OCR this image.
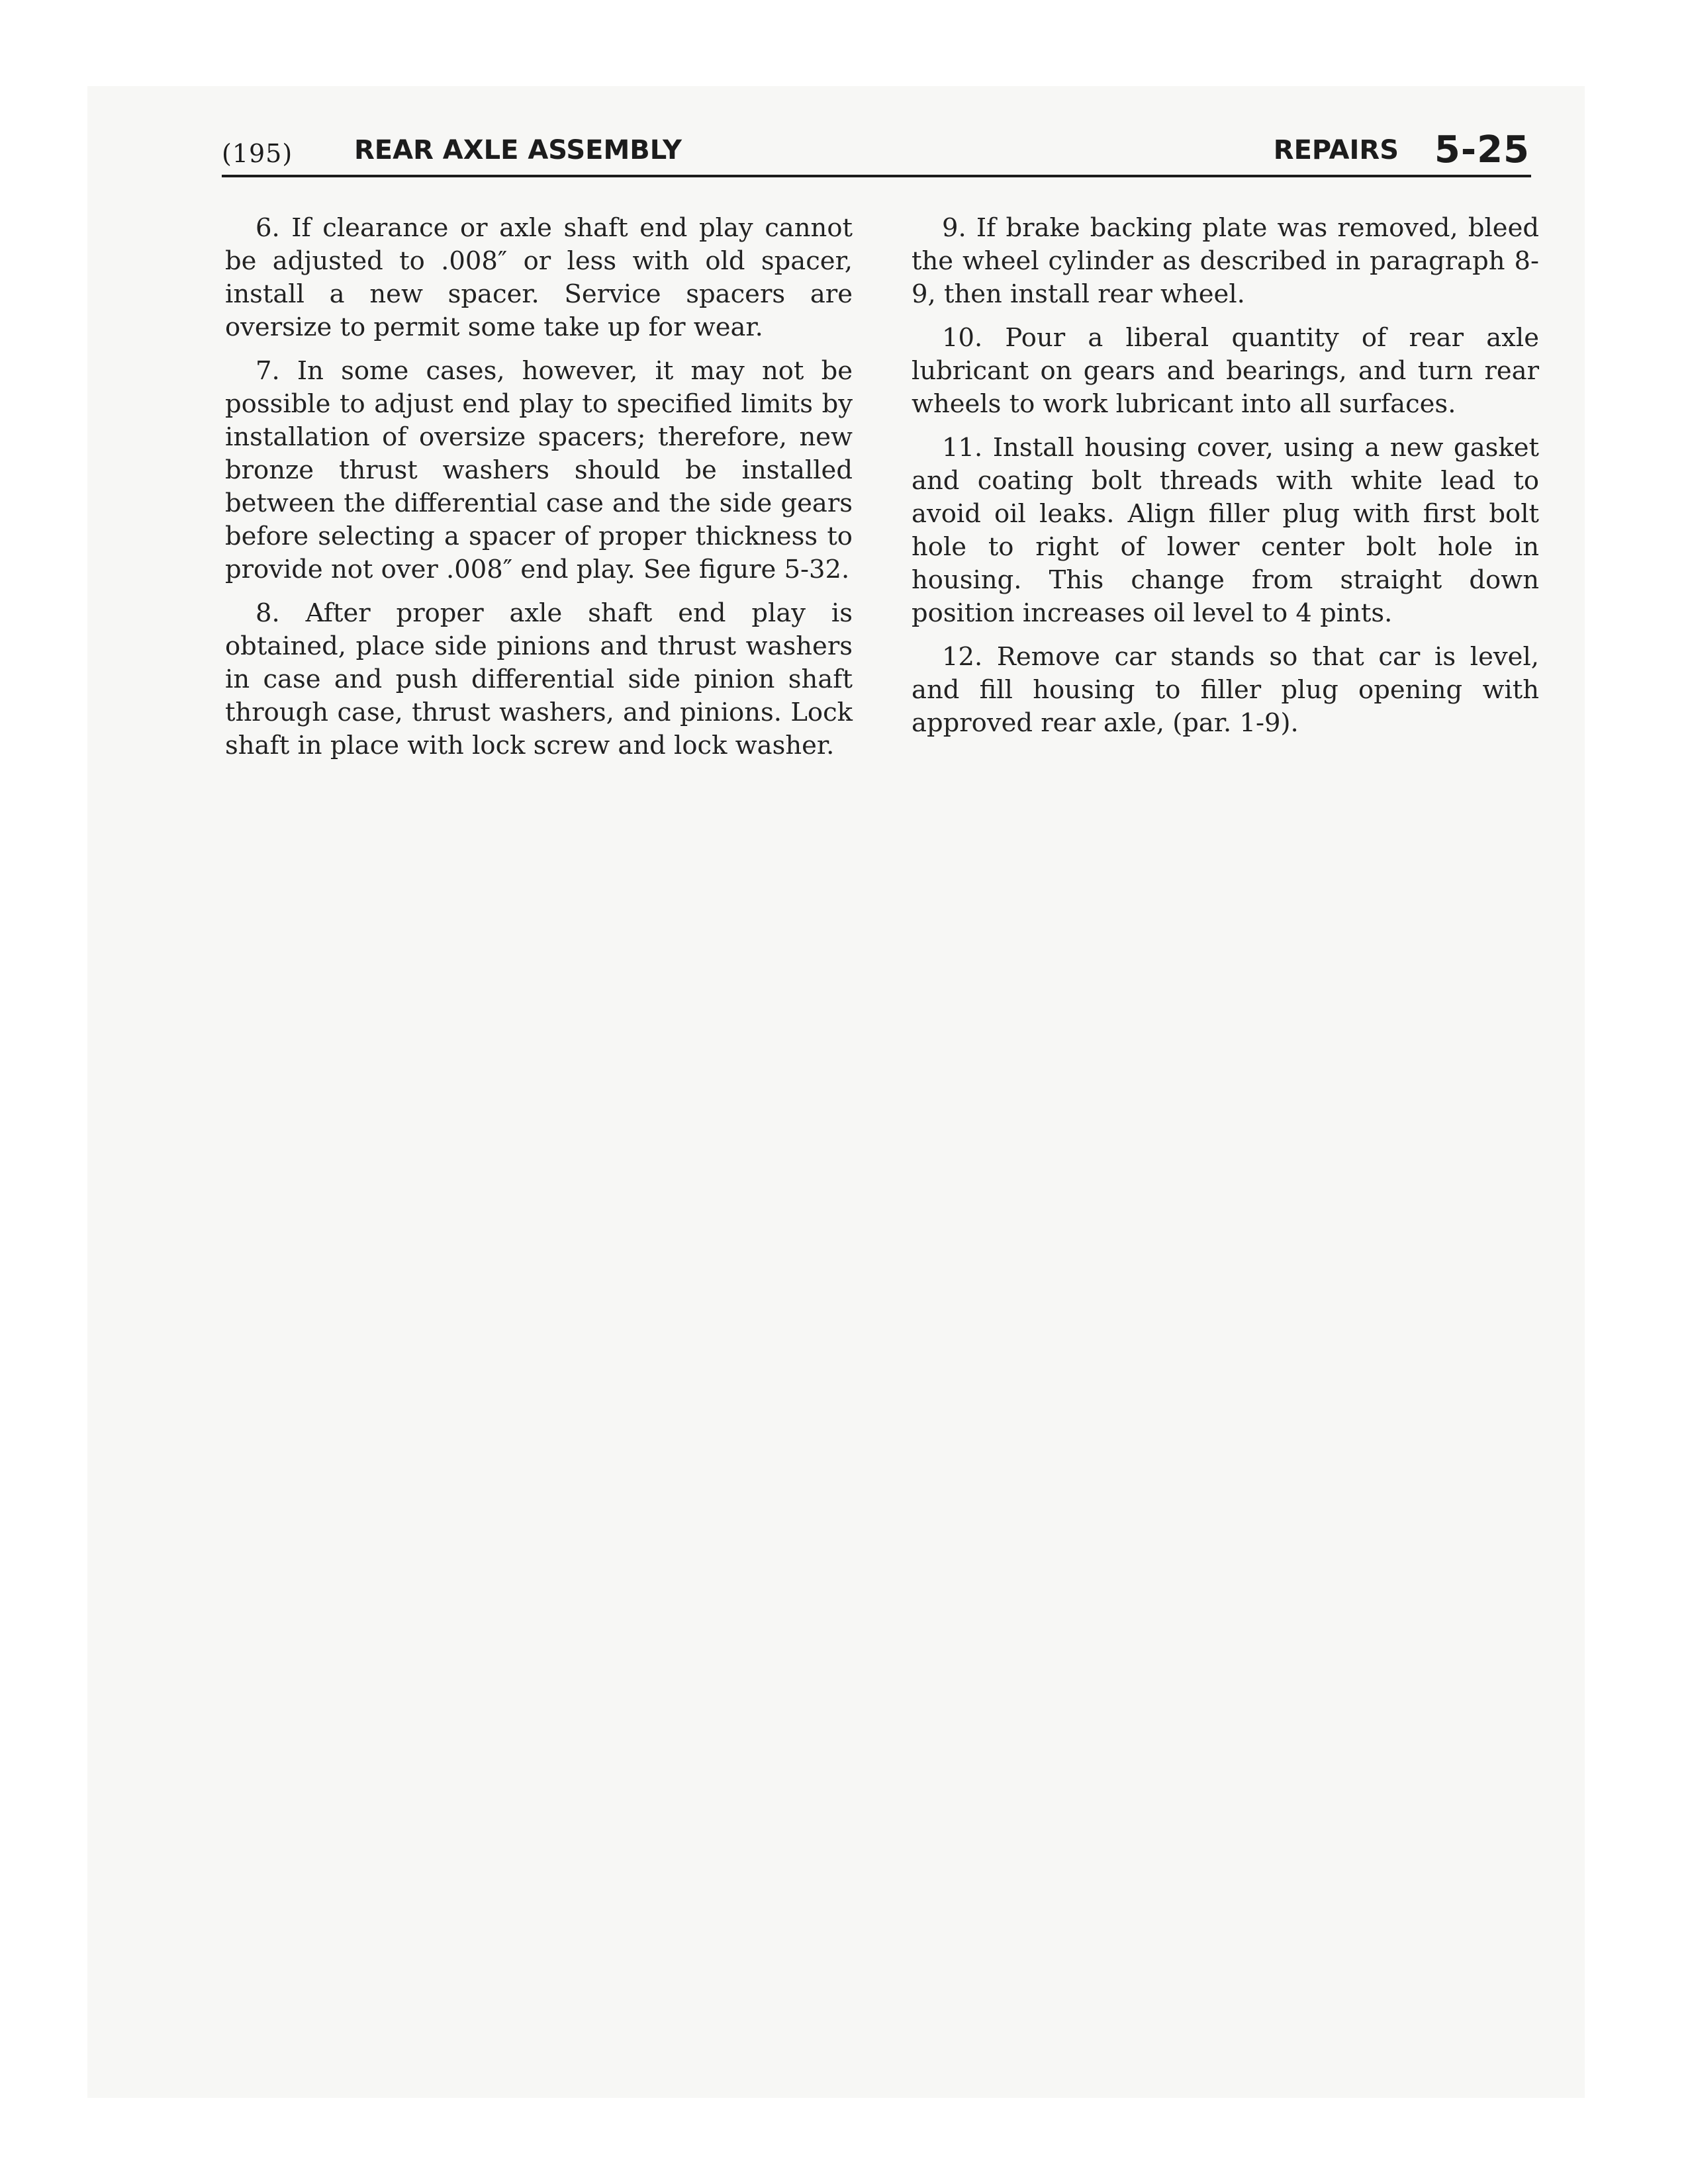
(195) REAR AXLE ASSEMBLY	REPAIRS 5-25

6. If clearance or axle shaft end play cannot be adjusted to .008″ or less with old spacer, install a new spacer. Service spacers are oversize to permit some take up for wear.

7. In some cases, however, it may not be possible to adjust end play to specified limits by installation of oversize spacers; therefore, new bronze thrust washers should be installed between the differential case and the side gears before selecting a spacer of proper thickness to provide not over .008″ end play. See figure 5-32.

8. After proper axle shaft end play is obtained, place side pinions and thrust washers in case and push differential side pinion shaft through case, thrust washers, and pinions. Lock shaft in place with lock screw and lock washer.

9. If brake backing plate was removed, bleed the wheel cylinder as described in paragraph 8-9, then install rear wheel.

10. Pour a liberal quantity of rear axle lubricant on gears and bearings, and turn rear wheels to work lubricant into all surfaces.

11. Install housing cover, using a new gasket and coating bolt threads with white lead to avoid oil leaks. Align filler plug with first bolt hole to right of lower center bolt hole in housing. This change from straight down position increases oil level to 4 pints.

12. Remove car stands so that car is level, and fill housing to filler plug opening with approved rear axle, (par. 1-9).
